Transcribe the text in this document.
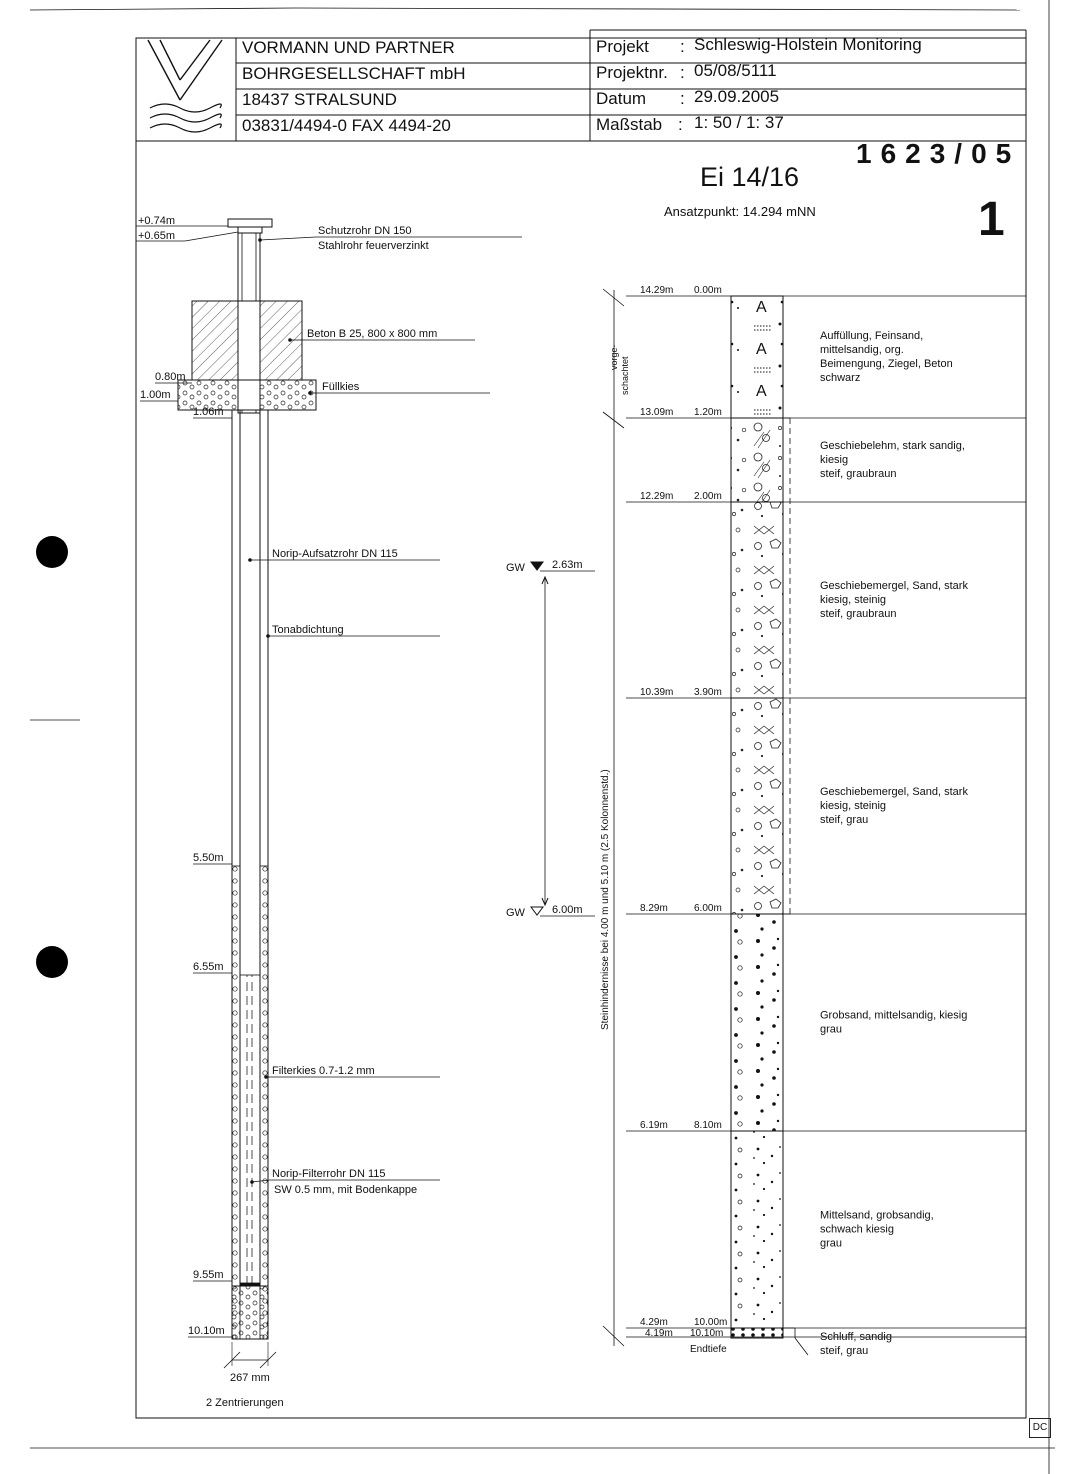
+0.74m
+0.65m
0.80m
1.00m
1.06m
5.50m
6.55m
9.55m
10.10m
Schutzrohr DN 150
Stahlrohr feuerverzinkt
Beton B 25, 800 x 800 mm
Füllkies
Norip-Aufsatzrohr DN 115
Tonabdichtung
Filterkies 0.7-1.2 mm
Norip-Filterrohr DN 115
SW 0.5 mm, mit Bodenkappe
267 mm
2 Zentrierungen
GW 2.63m
GW 6.00m Steinhindernisse bei 4.00 m und 5.10 m (2.5 Kolonnenstd.)
vorge- schachtet
14.29m 0.00m
Auffüllung, Feinsand,
mittelsandig, org.
Beimengung, Ziegel, Beton
schwarz
13.09m 1.20m
Geschiebelehm, stark sandig,
kiesig
steif, graubraun
12.29m 2.00m
Geschiebemergel, Sand, stark
kiesig, steinig
steif, graubraun
10.39m 3.90m
Geschiebemergel, Sand, stark
kiesig, steinig
steif, grau
8.29m	6.00m
Grobsand, mittelsandig, kiesig
grau
6.19m	8.10m
Mittelsand, grobsandig,
schwach kiesig
grau
4.29m	10.00m
Schluff, sandig
steif, grau
4.19m 10.10m
Endtiefe
VORMANN UND PARTNER
BOHRGESELLSCHAFT mbH
18437 STRALSUND
03831/4494-0 FAX 4494-20
Projekt : Schleswig-Holstein Monitoring
Projektnr. : 05/08/5111
Datum : 29.09.2005
Maßstab : 1: 50 / 1: 37
1623/05
Ei 14/16
Ansatzpunkt: 14.294 mNN	1
DC
